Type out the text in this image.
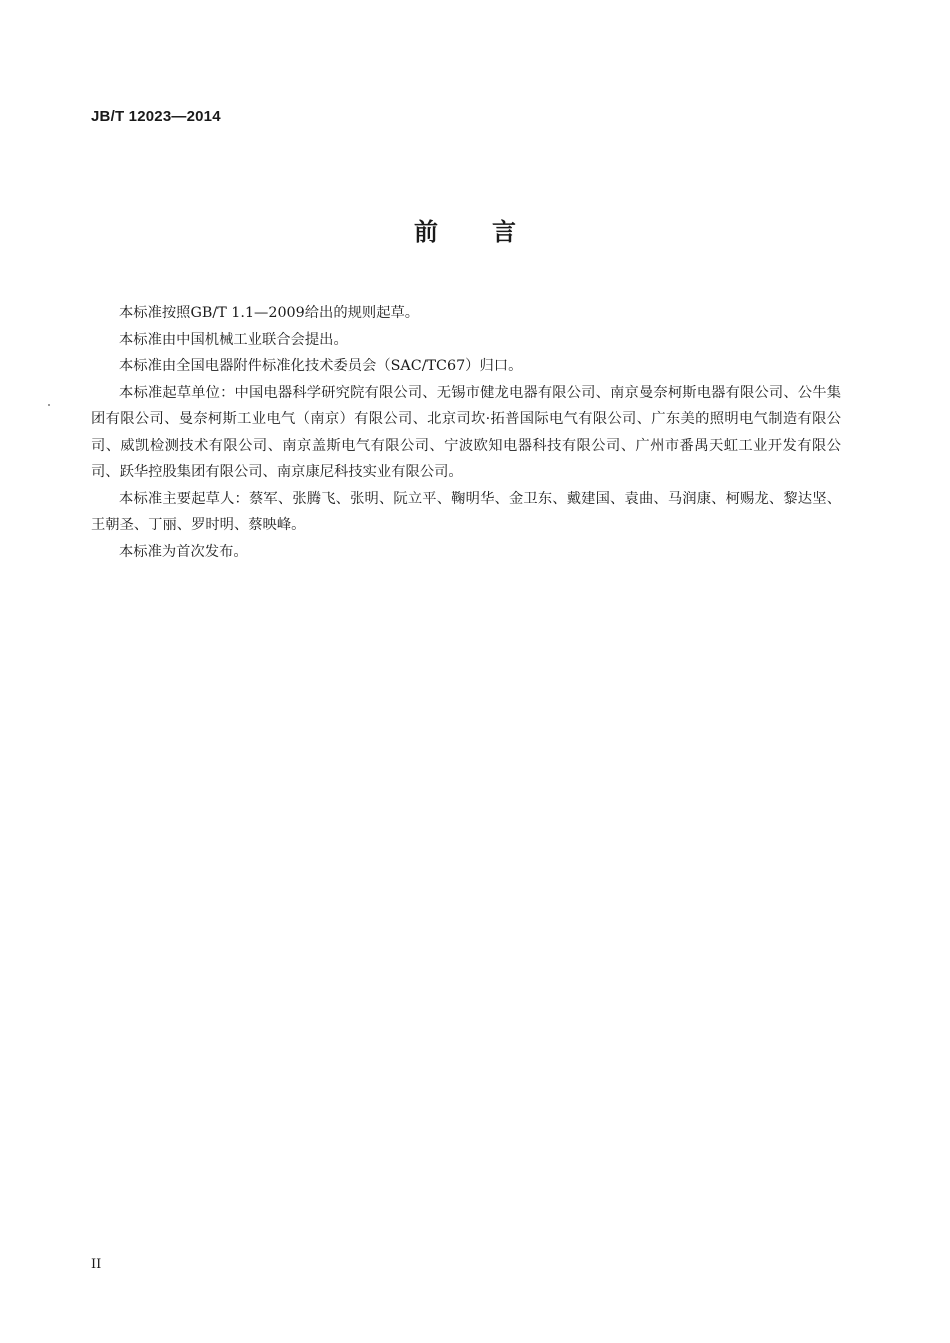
JB/T 12023—2014
前言

本标准按照GB/T 1.1—2009给出的规则起草。

本标准由中国机械工业联合会提出。

本标准由全国电器附件标准化技术委员会（SAC/TC67）归口。

本标准起草单位：中国电器科学研究院有限公司、无锡市健龙电器有限公司、南京曼奈柯斯电器有限公司、公牛集团有限公司、曼奈柯斯工业电气（南京）有限公司、北京司坎·拓普国际电气有限公司、广东美的照明电气制造有限公司、威凯检测技术有限公司、南京盖斯电气有限公司、宁波欧知电器科技有限公司、广州市番禺天虹工业开发有限公司、跃华控股集团有限公司、南京康尼科技实业有限公司。

本标准主要起草人：蔡军、张腾飞、张明、阮立平、鞠明华、金卫东、戴建国、袁曲、马润康、柯赐龙、黎达坚、王朝圣、丁丽、罗时明、蔡映峰。

本标准为首次发布。

II
